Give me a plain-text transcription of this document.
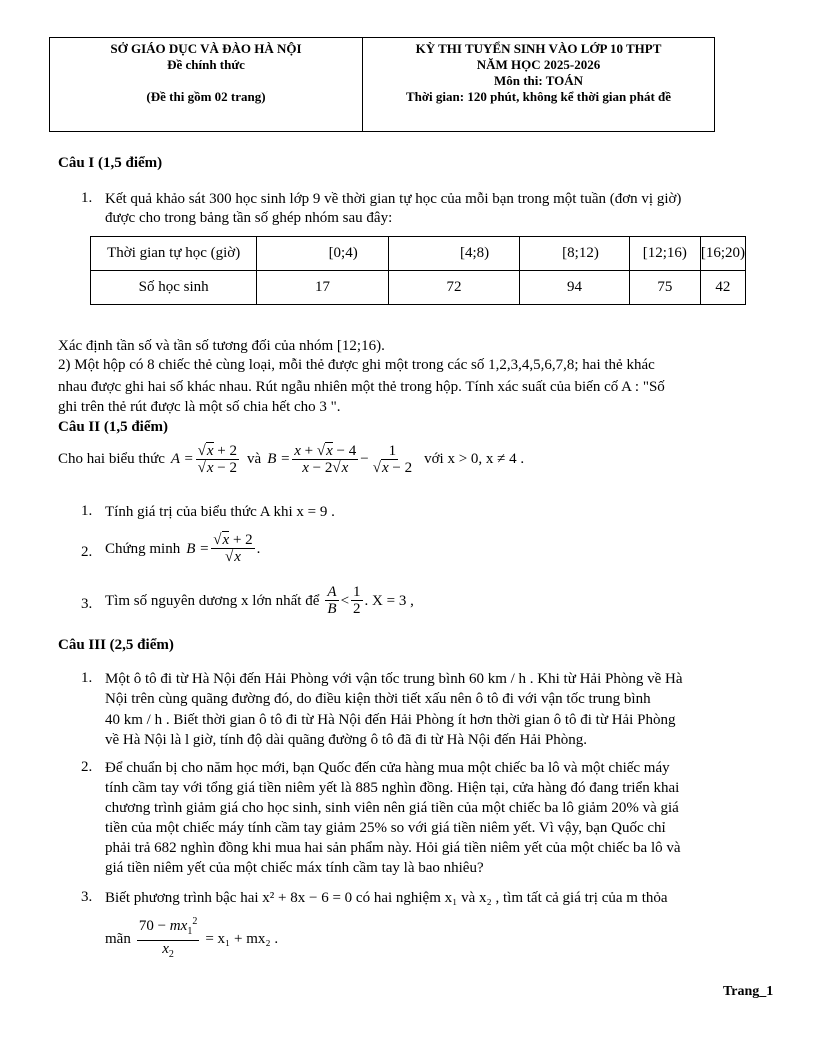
SỞ GIÁO DỤC VÀ ĐÀO HÀ NỘI
Đề chính thức
(Đề thi gồm 02 trang)
KỲ THI TUYỂN SINH VÀO LỚP 10 THPT
NĂM HỌC 2025-2026
Môn thi: TOÁN
Thời gian: 120 phút, không kể thời gian phát đề
Câu I (1,5 điểm)
1. Kết quả khảo sát 300 học sinh lớp 9 về thời gian tự học của mỗi bạn trong một tuần (đơn vị giờ)
được cho trong bảng tần số ghép nhóm sau đây:
Thời gian tự học (giờ)	[0;4)	[4;8)	[8;12)	[12;16)	[16;20)
Số học sinh	17	72	94	75	42
Xác định tần số và tần số tương đối của nhóm [12;16).
2) Một hộp có 8 chiếc thẻ cùng loại, mỗi thẻ được ghi một trong các số 1,2,3,4,5,6,7,8; hai thẻ khác
nhau được ghi hai số khác nhau. Rút ngẫu nhiên một thẻ trong hộp. Tính xác suất của biến cố A : "Số
ghi trên thẻ rút được là một số chia hết cho 3 ".
Câu II (1,5 điểm)
Cho hai biểu thức $A = \frac{√x + 2}{√x - 2}$ và $B = \frac{x + √x - 4}{x - 2√x} - \frac{1}{√x - 2}$ với x > 0, x ≠ 4 .
1. Tính giá trị của biểu thức A khi x = 9 .
2. Chứng minh $B = \frac{√x + 2}{√x}$ .
3. Tìm số nguyên dương x lớn nhất để $\frac{A}{B} < \frac{1}{2}$ . X = 3 ,
Câu III (2,5 điểm)
1. Một ô tô đi từ Hà Nội đến Hải Phòng với vận tốc trung bình 60 km / h . Khi từ Hải Phòng về Hà
Nội trên cùng quãng đường đó, do điều kiện thời tiết xấu nên ô tô đi với vận tốc trung bình
40 km / h . Biết thời gian ô tô đi từ Hà Nội đến Hải Phòng ít hơn thời gian ô tô đi từ Hải Phòng
về Hà Nội là l giờ, tính độ dài quãng đường ô tô đã đi từ Hà Nội đến Hải Phòng.
2. Để chuẩn bị cho năm học mới, bạn Quốc đến cửa hàng mua một chiếc ba lô và một chiếc máy
tính cầm tay với tổng giá tiền niêm yết là 885 nghìn đồng. Hiện tại, cửa hàng đó đang triển khai
chương trình giảm giá cho học sinh, sinh viên nên giá tiền của một chiếc ba lô giảm 20% và giá
tiền của một chiếc máy tính cầm tay giảm 25% so với giá tiền niêm yết. Vì vậy, bạn Quốc chỉ
phải trả 682 nghìn đồng khi mua hai sản phẩm này. Hỏi giá tiền niêm yết của một chiếc ba lô và
giá tiền niêm yết của một chiếc máx tính cầm tay là bao nhiêu?
3. Biết phương trình bậc hai x² + 8x − 6 = 0 có hai nghiệm x₁ và x₂ , tìm tất cả giá trị của m thỏa
mãn $\frac{70 - mx_1^2}{x_2} = x_1 + mx_2$ .
Trang_1
